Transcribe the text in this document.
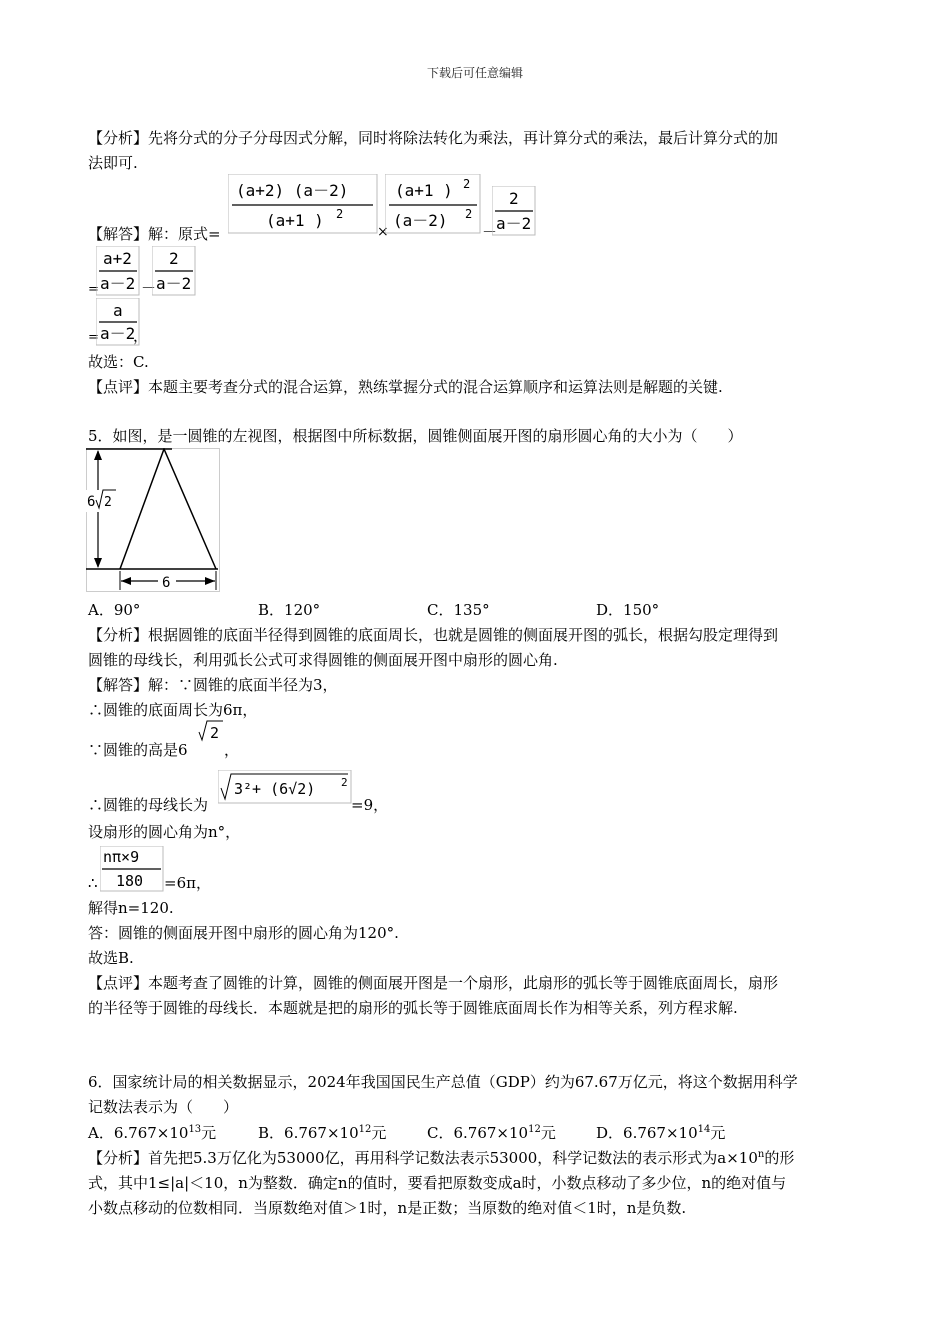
下载后可任意编辑
【分析】先将分式的分子分母因式分解，同时将除法转化为乘法，再计算分式的乘法，最后计算分式的加
法即可.
(a+2) (a－2)
(a+1 ) 2
×
(a+1 ) 2
(a－2) 2
－
2
a－2
【解答】解：原式=
=
a+2
a－2 －
2
a－2
=
a
a－2
，
故选：C.
【点评】本题主要考查分式的混合运算，熟练掌握分式的混合运算顺序和运算法则是解题的关键.
5．如图，是一圆锥的左视图，根据图中所标数据，圆锥侧面展开图的扇形圆心角的大小为（　　）
6 2
6
A．90°	B．120°	C．135°	D．150°
【分析】根据圆锥的底面半径得到圆锥的底面周长，也就是圆锥的侧面展开图的弧长，根据勾股定理得到
圆锥的母线长，利用弧长公式可求得圆锥的侧面展开图中扇形的圆心角.
【解答】解：∵圆锥的底面半径为3，
∴圆锥的底面周长为6π，
∵圆锥的高是6
2
，
∴圆锥的母线长为
3²+ (6√2) 2
=9，
设扇形的圆心角为n°，
∴
nπ×9
180 =6π，
解得n=120.
答：圆锥的侧面展开图中扇形的圆心角为120°.
故选B.
【点评】本题考查了圆锥的计算，圆锥的侧面展开图是一个扇形，此扇形的弧长等于圆锥底面周长，扇形
的半径等于圆锥的母线长．本题就是把的扇形的弧长等于圆锥底面周长作为相等关系，列方程求解.
6．国家统计局的相关数据显示，2024年我国国民生产总值（GDP）约为67.67万亿元，将这个数据用科学
记数法表示为（　　）
A．$6.767\times 10^{13}$元	B．$6.767\times 10^{12}$元	C．$6.767\times 10^{12}$元	D．$6.767\times 10^{14}$元
【分析】首先把5.3万亿化为53000亿，再用科学记数法表示53000，科学记数法的表示形式为$a\times 10^n$的形
式，其中1≤|a|＜10，n为整数．确定n的值时，要看把原数变成a时，小数点移动了多少位，n的绝对值与
小数点移动的位数相同．当原数绝对值＞1时，n是正数；当原数的绝对值＜1时，n是负数.
